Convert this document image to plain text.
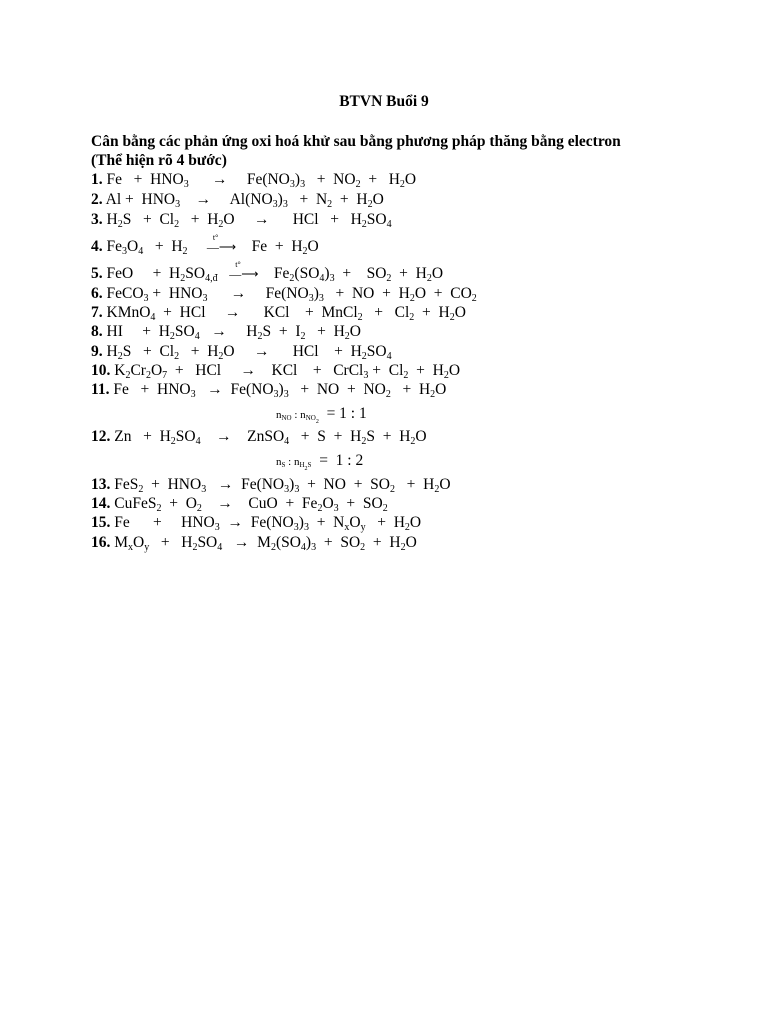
BTVN Buổi 9
Cân bằng các phản ứng oxi hoá khử sau bằng phương pháp thăng bằng electron
(Thể hiện rõ 4 bước)
1. $Fe + HNO_3$ →     $Fe(NO_3)_3 + NO_2 + H_2O$
2. $Al + HNO_3$ →     $Al(NO_3)_3 + N_2 + H_2O$
3. $H_2S + Cl_2 + H_2O$     →      HCl   +   $H_2SO_4$
4. $Fe_3O_4 + H_2$
t°
—⟶    $Fe + H_2O$
5. FeO     +  $H_2SO_{4,đ}$
t°
—⟶    $Fe_2(SO_4)_3$  +    $SO_2 + H_2O$
6. FeCO$_3$ +  $HNO_3$ →     $Fe(NO_3)_3$   +  NO  +  $H_2O + CO_2$
7. KMnO$_4$  +  HCl     →      KCl    +  MnCl$_2$   +   $Cl_2 + H_2O$
8. HI     +  $H_2SO_4$ →     $H_2S + I_2 + H_2O$
9. $H_2S + Cl_2 + H_2O$     →      HCl    +  $H_2SO_4$
10. $K_2Cr_2O_7$  +   HCl     →    KCl    +   CrCl$_3$ +  $Cl_2 + H_2O$
11. $Fe + HNO_3 \to Fe(NO_3)_3$   +  NO  +  $NO_2 + H_2O$
nNO : nNO$_2$ = 1 : 1
12. $Zn + H_2SO_4$ →    ZnSO$_4$   +  $S + H_2S + H_2O$
nS : $nH_2S = 1$ : 2
13. $FeS_2 + HNO_3 \to Fe(NO_3)_3$  +  NO  +  $SO_2 + H_2O$
14. CuFeS$_2$  +  $O_2$ →    CuO  +  $Fe_2O_3 + SO_2$
15. Fe      +     $HNO_3 \to Fe(NO_3)_3 + N_xO_y + H_2O$
16. $M_xO_y + H_2SO_4 \to M_2(SO_4)_3 + SO_2 + H_2O$
